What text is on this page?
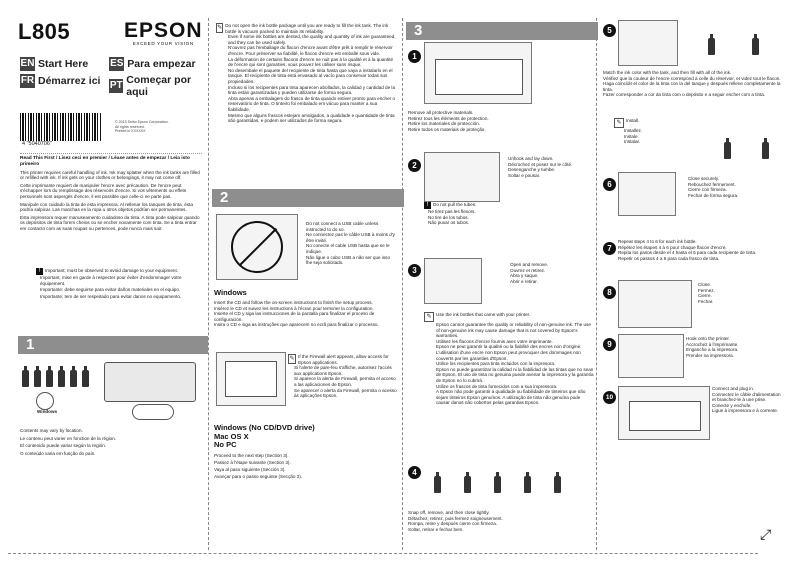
⤢
L805	EPSON
EXCEED YOUR VISION
EN Start Here
FR Démarrez ici
ES Para empezar
PT Começar por aqui
4 "5040706"
© 2015 Seiko Epson Corporation.
All rights reserved.
Printed in XXXXXX
Read This First / Lisez ceci en premier / Léase antes de empezar / Leia isto primeiro
This printer requires careful handling of ink. Ink may splatter when the ink tanks are filled or refilled with ink. If ink gets on your clothes or belongings, it may not come off.
Cette imprimante requiert de manipuler l'encre avec précaution. De l'encre peut s'échapper lors du remplissage des réservoirs d'encre. Si vos vêtements ou effets personnels sont aspergés d'encre, il est possible que celle-ci ne parte pas.
Manipule con cuidado la tinta de esta impresora. Al rellenar los tanques de tinta, ésta podría salpicar. Las manchas en la ropa u otros objetos podrían ser permanentes.
Esta impressora requer manuseamento cuidadoso da tinta. A tinta pode salpicar quando os depósitos de tinta forem cheios ou se encher novamente com tinta. Se a tinta entrar em contacto com as suas roupas ou pertences, pode nunca mais sair.
!	Important; must be observed to avoid damage to your equipment.
Important, mise en garde à respecter pour éviter d'endommager votre équipement.
Importante; debe seguirse para evitar daños materiales en el equipo.
Importante; tem de ser respeitado para evitar danos no equipamento.
1
Windows
Contents may vary by location.
Le contenu peut varier en fonction de la région.
El contenido puede variar según la región.
O conteúdo varia em função do país.
✎ Do not open the ink bottle package until you are ready to fill the ink tank. The ink bottle is vacuum packed to maintain its reliability.
Even if some ink bottles are dented, the quality and quantity of ink are guaranteed, and they can be used safely.
N'ouvrez pas l'emballage du flacon d'encre avant d'être prêt à remplir le réservoir d'encre. Pour préserver sa fiabilité, le flacon d'encre est emballé sous vide.
La déformation de certains flacons d'encre ne nuit pas à la qualité et à la quantité de l'encre qui sont garanties, vous pouvez les utiliser sans risque.
No desembale el paquete del recipiente de tinta hasta que vaya a instalarlo en el tanque. El recipiente de tinta está envasado al vacío para conservar todas sus propiedades.
Incluso si los recipientes para tinta aparecen abollados, la calidad y cantidad de la tinta están garantizadas y pueden utilizarse de forma segura.
Abra apenas a embalagem do frasco de tinta quando estiver pronto para encher o reservatório de tinta. O tinteiro foi embalado em vácuo para manter a sua fiabilidade.
Mesmo que alguns frascos estejam amolgados, a qualidade e quantidade de tinta são garantidas, e podem ser utilizados de forma segura.
2
Do not connect a USB cable unless instructed to do so.
Ne connectez pas le câble USB à moins d'y être invité.
No conecte el cable USB hasta que se le indique.
Não ligue o cabo USB a não ser que isso lhe seja solicitado.
Windows
Insert the CD and follow the on-screen instructions to finish the setup process.
Insérez le CD et suivez les instructions à l'écran pour terminer la configuration.
Inserte el CD y siga las instrucciones de la pantalla para finalizar el proceso de configuración.
Insira o CD e siga as instruções que aparecem no ecrã para finalizar o processo.
✎ If the Firewall alert appears, allow access for Epson applications.
Si l'alerte de pare-feu s'affiche, autorisez l'accès aux applications Epson.
Si aparece la alerta de Firewall, permita el acceso a las aplicaciones de Epson.
Se aparecer o alerta da Firewall, permita o acesso às aplicações Epson.
Windows (No CD/DVD drive)
Mac OS X
No PC
Proceed to the next step (Section 3).
Passez à l'étape suivante (Section 3).
Vaya al paso siguiente (Sección 3).
Avançar para o passo seguinte (Secção 3).
3
1
Remove all protective materials.
Retirez tous les éléments de protection.
Retire los materiales de protección.
Retire todos os materiais de proteção.
2
Unhook and lay down.
Décrochez et posez sur le côté.
Desenganche y tumbe.
Soltar e pousar.
!	Do not pull the tubes.
Ne tirez pas les flexors.
No tire de los tubos.
Não puxar os tubos.
3
Open and remove.
Ouvrez et retirez.
Abra y saque.
Abrir e retirar.
✎ Use the ink bottles that came with your printer.
Epson cannot guarantee the quality or reliability of non-genuine ink. The use of non-genuine ink may cause damage that is not covered by Epson's warranties.
Utilisez les flacons d'encre fournis avec votre imprimante.
Epson ne peut garantir la qualité ou la fiabilité des encres non d'origine. L'utilisation d'une encre non Epson peut provoquer des dommages non couverts par les garanties d'Epson.
Utilice los recipientes para tinta incluidos con la impresora.
Epson no puede garantizar la calidad ni la fiabilidad de las tintas que no sean de Epson. El uso de tinta no genuina puede averiar la impresora y la garantía de Epson no lo cubrirá.
Utilize os frascos de tinta fornecidos com a sua impressora.
A Epson não pode garantir a qualidade ou fiabilidade de tinteiros que não sejam tinteiros Epson genuínos. A utilização de tinta não genuína pode causar danos não cobertos pelas garantias Epson.
4
Snap off, remove, and then close tightly.
Détachez, retirez, puis fermez soigneusement.
Rompa, retire y después cierre con firmeza.
Soltar, retirar e fechar bem.
5
Match the ink color with the tank, and then fill with all of the ink.
Vérifiez que la couleur de l'encre correspond à celle du réservoir, et videz tout le flacon.
Haga coincidir el color de la tinta con la del tanque y después rellene completamente la tinta.
Fazer corresponder a cor da tinta com o depósito e a seguir encher com a tinta.
✎ Install.
Installez.
Instale.
Instalar.
6
Close securely.
Rebouchez fermement.
Cierre con firmeza.
Fechar de forma segura.
7
Repeat steps 4 to 6 for each ink bottle.
Répétez les étapes 4 à 6 pour chaque flacon d'encre.
Repita los pasos desde el 4 hasta el 6 para cada recipiente de tinta.
Repetir os passos 4 a 6 para cada frasco de tinta.
8
Close.
Fermez.
Cierre.
Fechar.
9
Hook onto the printer.
Accrochez à l'imprimante.
Enganche a la impresora.
Prender na impressora.
10
Connect and plug in.
Connectez le câble d'alimentation et branchez-le à une prise.
Conecte y enchufe.
Ligue à impressora e à corrente.
